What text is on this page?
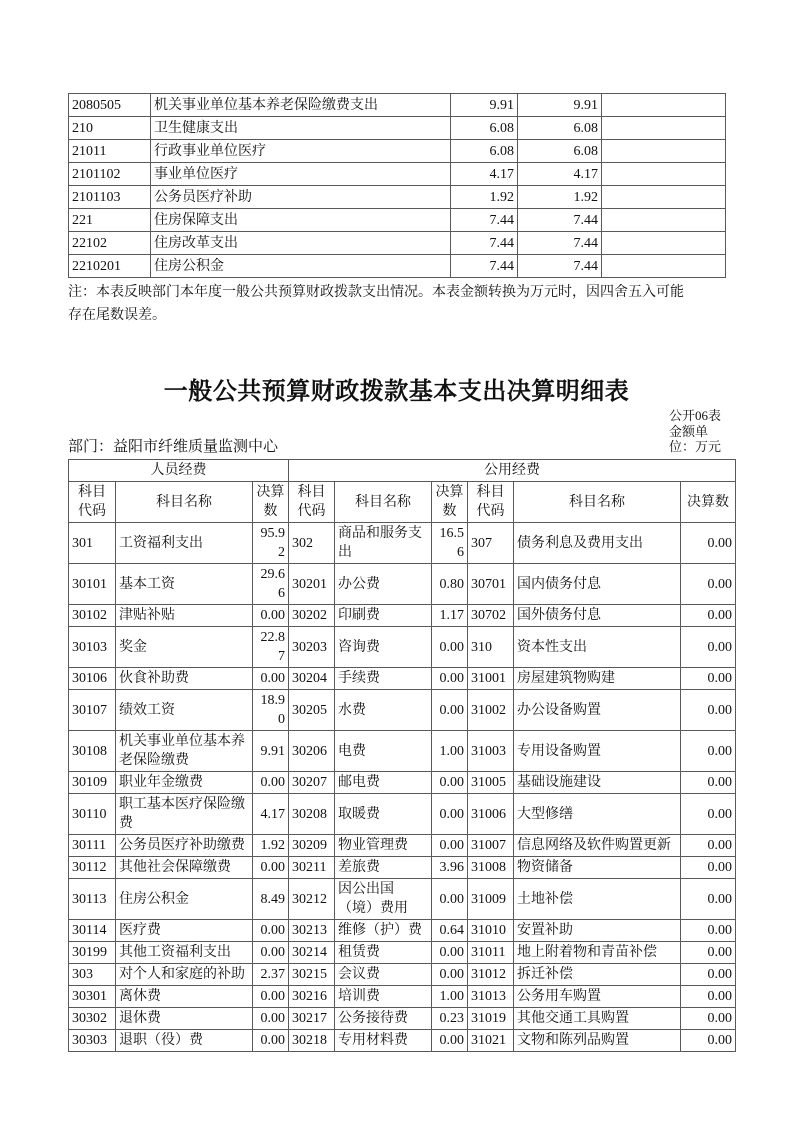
2080505	机关事业单位基本养老保险缴费支出	9.91	9.91	
210	卫生健康支出	6.08	6.08	
21011	行政事业单位医疗	6.08	6.08	
2101102	事业单位医疗	4.17	4.17	
2101103	公务员医疗补助	1.92	1.92	
221	住房保障支出	7.44	7.44	
22102	住房改革支出	7.44	7.44	
2210201	住房公积金	7.44	7.44	
注：本表反映部门本年度一般公共预算财政拨款支出情况。本表金额转换为万元时，因四舍五入可能存在尾数误差。
一般公共预算财政拨款基本支出决算明细表
公开06表
金额单位：万元
部门：益阳市纤维质量监测中心
人员经费			公用经费					
科目代码	科目名称	决算数	科目代码	科目名称	决算数	科目代码	科目名称	决算数
301	工资福利支出	95.92	302	商品和服务支出	16.56	307	债务利息及费用支出	0.00
30101	基本工资	29.66	30201	办公费	0.80	30701	国内债务付息	0.00
30102	津贴补贴	0.00	30202	印刷费	1.17	30702	国外债务付息	0.00
30103	奖金	22.87	30203	咨询费	0.00	310	资本性支出	0.00
30106	伙食补助费	0.00	30204	手续费	0.00	31001	房屋建筑物购建	0.00
30107	绩效工资	18.90	30205	水费	0.00	31002	办公设备购置	0.00
30108	机关事业单位基本养老保险缴费	9.91	30206	电费	1.00	31003	专用设备购置	0.00
30109	职业年金缴费	0.00	30207	邮电费	0.00	31005	基础设施建设	0.00
30110	职工基本医疗保险缴费	4.17	30208	取暖费	0.00	31006	大型修缮	0.00
30111	公务员医疗补助缴费	1.92	30209	物业管理费	0.00	31007	信息网络及软件购置更新	0.00
30112	其他社会保障缴费	0.00	30211	差旅费	3.96	31008	物资储备	0.00
30113	住房公积金	8.49	30212	因公出国（境）费用	0.00	31009	土地补偿	0.00
30114	医疗费	0.00	30213	维修（护）费	0.64	31010	安置补助	0.00
30199	其他工资福利支出	0.00	30214	租赁费	0.00	31011	地上附着物和青苗补偿	0.00
303	对个人和家庭的补助	2.37	30215	会议费	0.00	31012	拆迁补偿	0.00
30301	离休费	0.00	30216	培训费	1.00	31013	公务用车购置	0.00
30302	退休费	0.00	30217	公务接待费	0.23	31019	其他交通工具购置	0.00
30303	退职（役）费	0.00	30218	专用材料费	0.00	31021	文物和陈列品购置	0.00
